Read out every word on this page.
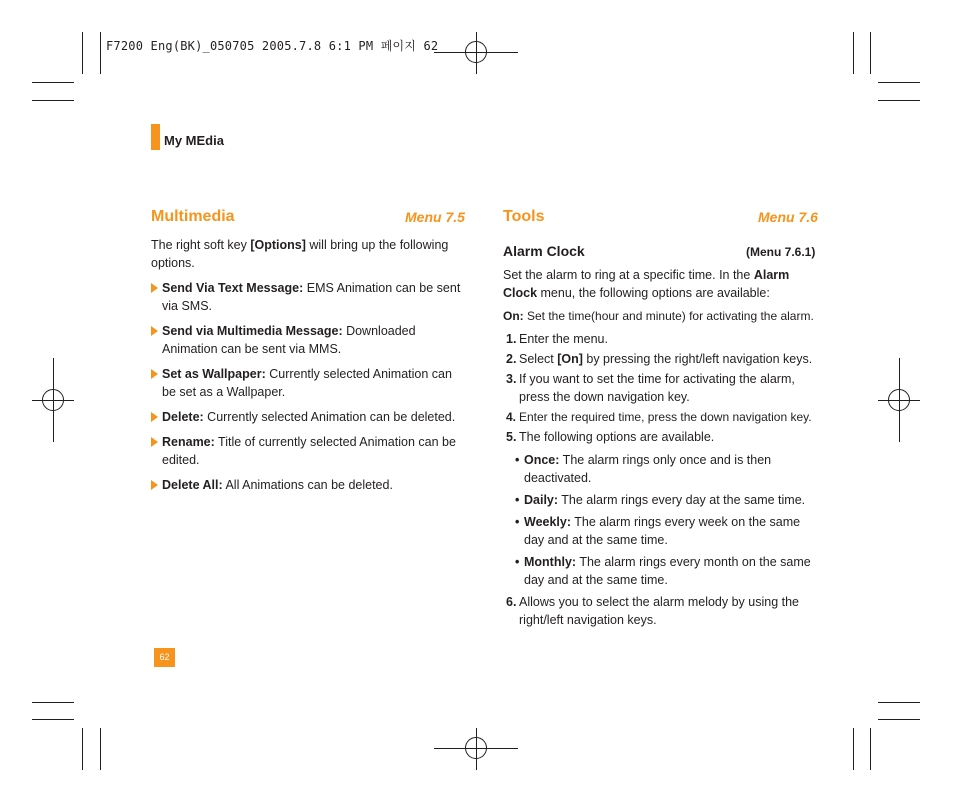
F7200 Eng(BK)_050705 2005.7.8 6:1 PM 페이지 62
My MEdia
Multimedia	Menu 7.5

The right soft key [Options] will bring up the following options.

Send Via Text Message: EMS Animation can be sent via SMS.
Send via Multimedia Message: Downloaded Animation can be sent via MMS.
Set as Wallpaper: Currently selected Animation can be set as a Wallpaper.
Delete: Currently selected Animation can be deleted.
Rename: Title of currently selected Animation can be edited.
Delete All: All Animations can be deleted.
Tools	Menu 7.6
Alarm Clock	(Menu 7.6.1)

Set the alarm to ring at a specific time. In the Alarm Clock menu, the following options are available:

On: Set the time(hour and minute) for activating the alarm.

1. Enter the menu.
2. Select [On] by pressing the right/left navigation keys.
3. If you want to set the time for activating the alarm, press the down navigation key.
4. Enter the required time, press the down navigation key.
5. The following options are available.
• Once: The alarm rings only once and is then deactivated.
• Daily: The alarm rings every day at the same time.
• Weekly: The alarm rings every week on the same day and at the same time.
• Monthly: The alarm rings every month on the same day and at the same time.
6. Allows you to select the alarm melody by using the right/left navigation keys.
62
